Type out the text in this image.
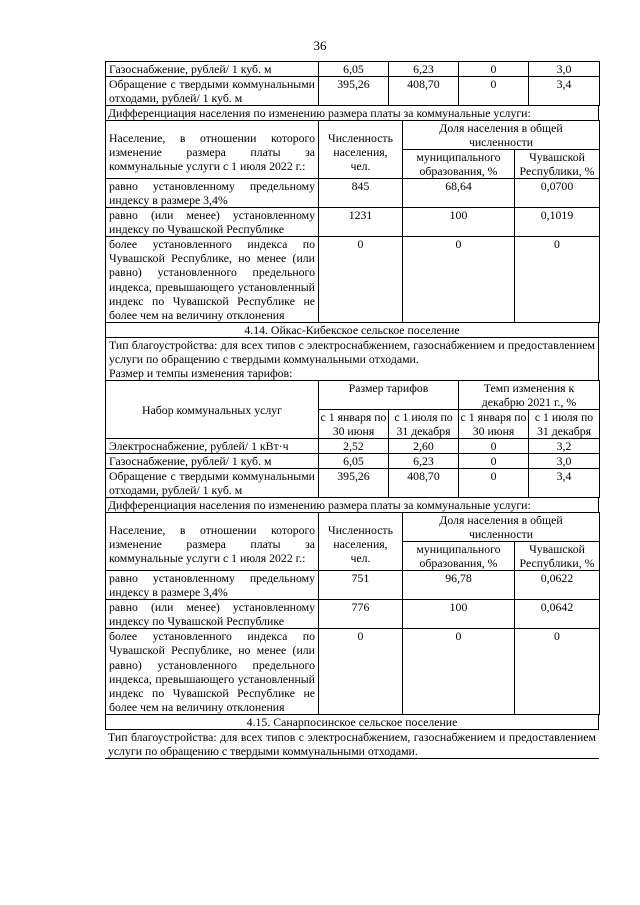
36
Газоснабжение, рублей/ 1 куб. м	6,05	6,23	0	3,0
Обращение с твердыми коммунальными отходами, рублей/ 1 куб. м	395,26	408,70	0	3,4
Дифференциация населения по изменению размера платы за коммунальные услуги:
Население, в отношении которого изменение размера платы за коммунальные услуги с 1 июля 2022 г.:	Численность населения, чел.	Доля населения в общей численности	
		муниципального образования, %	Чувашской Республики, %
равно установленному предельному индексу в размере 3,4%	845	68,64	0,0700
равно (или менее) установленному индексу по Чувашской Республике	1231	100	0,1019
более установленного индекса по Чувашской Республике, но менее (или равно) установленного предельного индекса, превышающего установленный индекс по Чувашской Республике не более чем на величину отклонения	0	0	0
4.14. Ойкас-Кибекское сельское поселение
Тип благоустройства: для всех типов с электроснабжением, газоснабжением и предоставлением услуги по обращению с твердыми коммунальными отходами.
Размер и темпы изменения тарифов:
Набор коммунальных услуг	Размер тарифов		Темп изменения к декабрю 2021 г., %	
	с 1 января по 30 июня	с 1 июля по 31 декабря	с 1 января по 30 июня	с 1 июля по 31 декабря
Электроснабжение, рублей/ 1 кВт·ч	2,52	2,60	0	3,2
Газоснабжение, рублей/ 1 куб. м	6,05	6,23	0	3,0
Обращение с твердыми коммунальными отходами, рублей/ 1 куб. м	395,26	408,70	0	3,4
Дифференциация населения по изменению размера платы за коммунальные услуги:
Население, в отношении которого изменение размера платы за коммунальные услуги с 1 июля 2022 г.:	Численность населения, чел.	Доля населения в общей численности	
		муниципального образования, %	Чувашской Республики, %
равно установленному предельному индексу в размере 3,4%	751	96,78	0,0622
равно (или менее) установленному индексу по Чувашской Республике	776	100	0,0642
более установленного индекса по Чувашской Республике, но менее (или равно) установленного предельного индекса, превышающего установленный индекс по Чувашской Республике не более чем на величину отклонения	0	0	0
4.15. Санарпосинское сельское поселение
Тип благоустройства: для всех типов с электроснабжением, газоснабжением и предоставлением услуги по обращению с твердыми коммунальными отходами.
